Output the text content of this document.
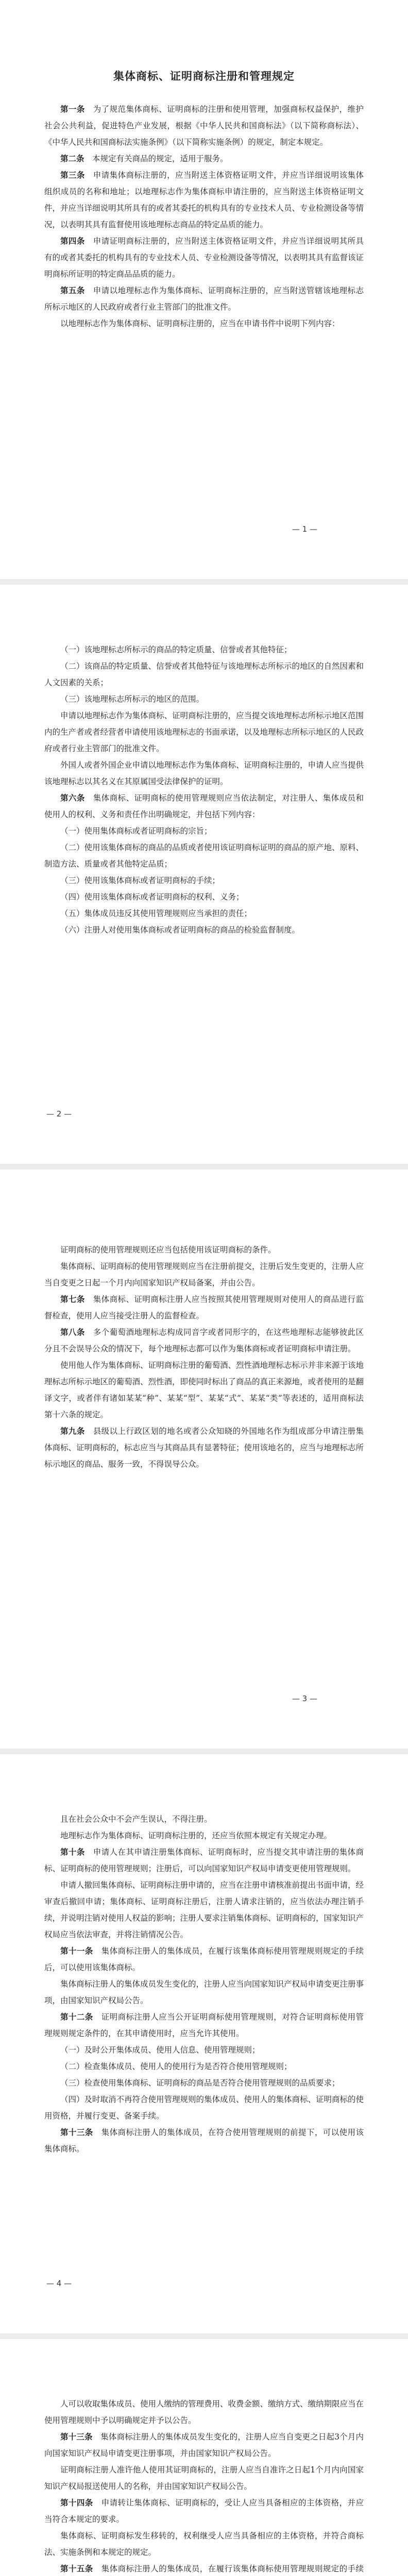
集体商标、证明商标注册和管理规定

第一条　 为了规范集体商标、证明商标的注册和使用管理，加强商标权益保护，维护社会公共利益，促进特色产业发展，根据《中华人民共和国商标法》（以下简称商标法）、《中华人民共和国商标法实施条例》（以下简称实施条例）的规定，制定本规定。

第二条　 本规定有关商品的规定，适用于服务。

第三条　 申请集体商标注册的，应当附送主体资格证明文件，并应当详细说明该集体组织成员的名称和地址；以地理标志作为集体商标申请注册的，应当附送主体资格证明文件，并应当详细说明其所具有的或者其委托的机构具有的专业技术人员、专业检测设备等情况，以表明其具有监督使用该地理标志商品的特定品质的能力。

第四条　 申请证明商标注册的，应当附送主体资格证明文件，并应当详细说明其所具有的或者其委托的机构具有的专业技术人员、专业检测设备等情况，以表明其具有监督该证明商标所证明的特定商品品质的能力。

第五条　 申请以地理标志作为集体商标、证明商标注册的，应当附送管辖该地理标志所标示地区的人民政府或者行业主管部门的批准文件。

以地理标志作为集体商标、证明商标注册的，应当在申请书件中说明下列内容：

— 1 —

（一）该地理标志所标示的商品的特定质量、信誉或者其他特征；

（二）该商品的特定质量、信誉或者其他特征与该地理标志所标示的地区的自然因素和人文因素的关系；

（三）该地理标志所标示的地区的范围。

申请以地理标志作为集体商标、证明商标注册的，应当提交该地理标志所标示地区范围内的生产者或者经营者申请使用该地理标志的书面承诺，以及地理标志所标示地区的人民政府或者行业主管部门的批准文件。

外国人或者外国企业申请以地理标志作为集体商标、证明商标注册的，申请人应当提供该地理标志以其名义在其原属国受法律保护的证明。

第六条　 集体商标、证明商标的使用管理规则应当依法制定，对注册人、集体成员和使用人的权利、义务和责任作出明确规定，并包括下列内容：

（一）使用集体商标或者证明商标的宗旨；

（二）使用该集体商标的商品的品质或者使用该证明商标证明的商品的原产地、原料、制造方法、质量或者其他特定品质；

（三）使用该集体商标或者证明商标的手续；

（四）使用该集体商标或者证明商标的权利、义务；

（五）集体成员违反其使用管理规则应当承担的责任；

（六）注册人对使用集体商标或者证明商标的商品的检验监督制度。

— 2 —

证明商标的使用管理规则还应当包括使用该证明商标的条件。

集体商标、证明商标的使用管理规则应当在注册前提交，注册后发生变更的，注册人应当自变更之日起一个月内向国家知识产权局备案，并由公告。

第七条　 集体商标、证明商标注册人应当按照其使用管理规则对使用人的商品进行监督检查，使用人应当接受注册人的监督检查。

第八条　 多个葡萄酒地理标志构成同音字或者同形字的，在这些地理标志能够彼此区分且不会误导公众的情况下，每个地理标志都可以作为集体商标或者证明商标申请注册。

使用他人作为集体商标、证明商标注册的葡萄酒、烈性酒地理标志标示并非来源于该地理标志所标示地区的葡萄酒、烈性酒，即使同时标出了商品的真正来源地，或者使用的是翻译文字，或者伴有诸如某某“种”、某某“型”、某某“式”、某某“类”等表述的，适用商标法第十六条的规定。

第九条　 县级以上行政区划的地名或者公众知晓的外国地名作为组成部分申请注册集体商标、证明商标的，标志应当与其商品具有显著特征；使用该地名的，应当与地理标志所标示地区的商品、服务一致，不得误导公众。

— 3 —

且在社会公众中不会产生误认，不得注册。

地理标志作为集体商标、证明商标注册的，还应当依照本规定有关规定办理。

第十条　 申请人在其申请注册集体商标、证明商标时，应当提交其申请注册的集体商标、证明商标的使用管理规则；注册后，可以向国家知识产权局申请变更使用管理规则。

申请人撤回集体商标、证明商标注册申请的，应当在注册申请核准前提出书面申请，经审查后撤回申请；集体商标、证明商标注册后，注册人请求注销的，应当依法办理注销手续，并说明注销对使用人权益的影响；注册人要求注销集体商标、证明商标的，国家知识产权局应当依法审查，并将注销情况公告。

第十一条　 集体商标注册人的集体成员，在履行该集体商标使用管理规则规定的手续后，可以使用该集体商标。

集体商标注册人的集体成员发生变化的，注册人应当向国家知识产权局申请变更注册事项，由国家知识产权局公告。

第十二条　 证明商标注册人应当公开证明商标使用管理规则，对符合证明商标使用管理规则规定条件的，在其申请使用时，应当允许其使用。

（一）及时公开集体成员、使用人信息、使用管理规则；

（二）检查集体成员、使用人的使用行为是否符合使用管理规则；

（三）检查使用集体商标、证明商标的商品是否符合使用管理规则的品质要求；

（四）及时取消不再符合使用管理规则的集体成员、使用人的集体商标、证明商标的使用资格，并履行变更、备案手续。

第十三条　 集体商标注册人的集体成员，在符合使用管理规则的前提下，可以使用该集体商标。

— 4 —

人可以收取集体成员、使用人缴纳的管理费用、收费金额、缴纳方式、缴纳期限应当在使用管理规则中予以明确规定并予以公告。

第十三条　 集体商标注册人的集体成员发生变化的，注册人应当自变更之日起3个月内向国家知识产权局申请变更注册事项，并由国家知识产权局公告。

证明商标注册人准许他人使用其证明商标的，注册人应当自准许之日起1个月内向国家知识产权局报送使用人的名称，并由国家知识产权局公告。

第十四条　 申请转让集体商标、证明商标的，受让人应当具备相应的主体资格，并应当符合本规定的要求。

集体商标、证明商标发生移转的，权利继受人应当具备相应的主体资格，并符合商标法、实施条例和本规定的规定。

第十五条　 集体商标注册人的集体成员，在履行该集体商标使用管理规则规定的手续
